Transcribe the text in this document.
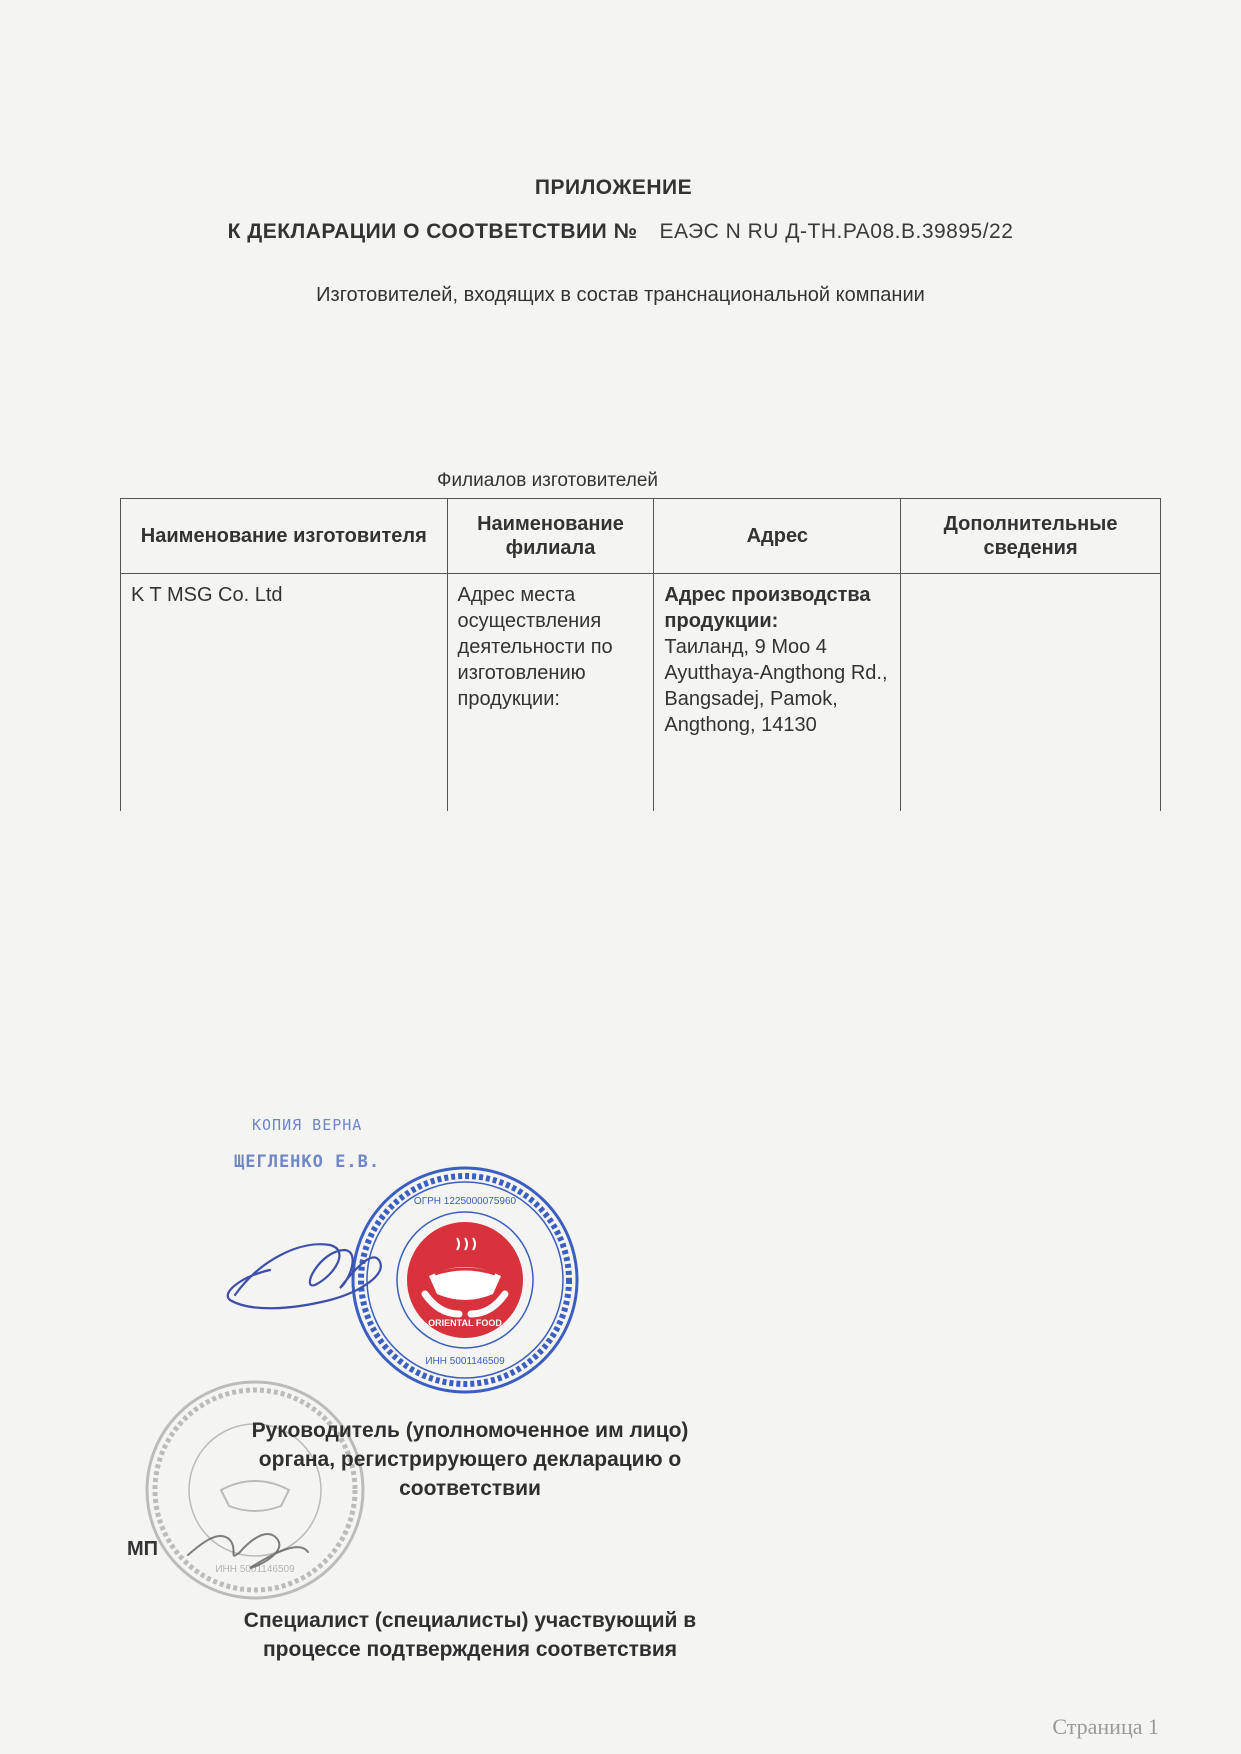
ПРИЛОЖЕНИЕ
К ДЕКЛАРАЦИИ О СООТВЕТСТВИИ № ЕАЭС N RU Д-TH.PA08.B.39895/22
Изготовителей, входящих в состав транснациональной компании
Филиалов изготовителей
Наименование изготовителя	Наименование филиала	Адрес	Дополнительные сведения
K T MSG Co. Ltd	Адрес места осуществления деятельности по изготовлению продукции:	Адрес производства продукции:
Таиланд, 9 Moo 4 Ayutthaya-Angthong Rd., Bangsadej, Pamok, Angthong, 14130	
КОПИЯ ВЕРНА
ЩЕГЛЕНКО Е.В.
ORIENTAL FOOD
ОГРН 1225000075960
ИНН 5001146509
ИНН 5001146509
Руководитель (уполномоченное им лицо) органа, регистрирующего декларацию о соответствии
МП
Специалист (специалисты) участвующий в процессе подтверждения соответствия
Страница 1
